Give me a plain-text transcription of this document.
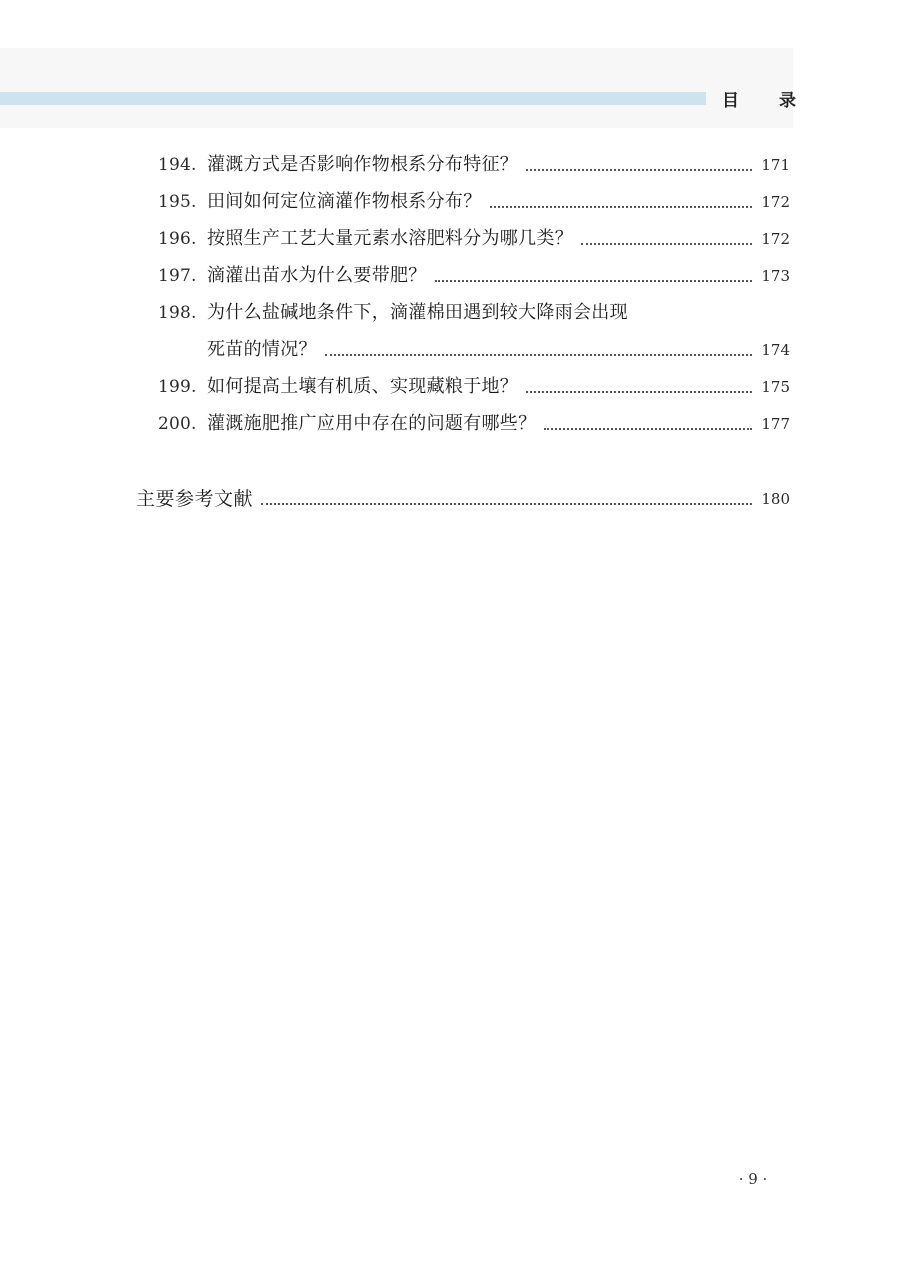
目 录
194. 灌溉方式是否影响作物根系分布特征？	171
195. 田间如何定位滴灌作物根系分布？	172
196. 按照生产工艺大量元素水溶肥料分为哪几类？	172
197. 滴灌出苗水为什么要带肥？	173
198. 为什么盐碱地条件下，滴灌棉田遇到较大降雨会出现
死苗的情况？	174
199. 如何提高土壤有机质、实现藏粮于地？	175
200. 灌溉施肥推广应用中存在的问题有哪些？	177
主要参考文献	180
· 9 ·
